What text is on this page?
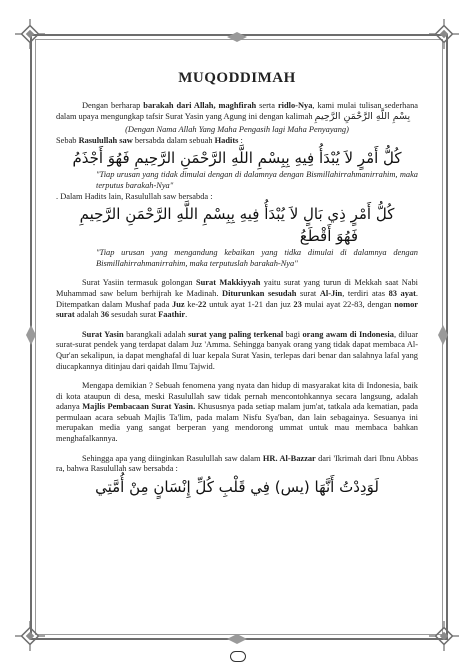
MUQODDIMAH

Dengan berharap barakah dari Allah, maghfirah serta ridlo-Nya, kami mulai tulisan sederhana dalam upaya mengungkap tafsir Surat Yasin yang Agung ini dengan kalimah بِسْمِ اللَّهِ الرَّحْمَنِ الرَّحِيمِ

(Dengan Nama Allah Yang Maha Pengasih lagi Maha Penyayang)

Sebab Rasulullah saw bersabda dalam sebuah Hadits :

كُلُّ أَمْرٍ لاَ يُبْدَأُ فِيهِ بِبِسْمِ اللَّهِ الرَّحْمَنِ الرَّحِيمِ فَهُوَ أَجْذَمُ

"Tiap urusan yang tidak dimulai dengan di dalamnya dengan Bismillahirrahmanirrahim, maka terputus barakah-Nya"

. Dalam Hadits lain, Rasulullah saw bersabda :

كُلُّ أَمْرٍ ذِي بَالٍ لاَ يُبْدَأُ فِيهِ بِبِسْمِ اللَّهِ الرَّحْمَنِ الرَّحِيمِ
فَهُوَ أَقْطَعُ

"Tiap urusan yang mengandung kebaikan yang tidka dimulai di dalamnya dengan Bismillahirrahmanirrahim, maka terputuslah barakah-Nya"

Surat Yasiin termasuk golongan Surat Makkiyyah yaitu surat yang turun di Mekkah saat Nabi Muhammad saw belum berhijrah ke Madinah. Diturunkan sesudah surat Al-Jin, terdiri atas 83 ayat. Ditempatkan dalam Mushaf pada Juz ke-22 untuk ayat 1-21 dan juz 23 mulai ayat 22-83, dengan nomor surat adalah 36 sesudah surat Faathir.

Surat Yasin barangkali adalah surat yang paling terkenal bagi orang awam di Indonesia, diluar surat-surat pendek yang terdapat dalam Juz 'Amma. Sehingga banyak orang yang tidak dapat membaca Al-Qur'an sekalipun, ia dapat menghafal di luar kepala Surat Yasin, terlepas dari benar dan salahnya lafal yang diucapkannya ditinjau dari qaidah Ilmu Tajwid.

Mengapa demikian ? Sebuah fenomena yang nyata dan hidup di masyarakat kita di Indonesia, baik di kota ataupun di desa, meski Rasulullah saw tidak pernah mencontohkannya secara langsung, adalah adanya Majlis Pembacaan Surat Yasin. Khususnya pada setiap malam jum'at, tatkala ada kematian, pada permulaan acara sebuah Majlis Ta'lim, pada malam Nisfu Sya'ban, dan lain sebagainya. Sesuanya ini merupakan media yang sangat berperan yang mendorong ummat untuk mau membaca bahkan menghafalkannya.

Sehingga apa yang diinginkan Rasulullah saw dalam HR. Al-Bazzar dari 'Ikrimah dari Ibnu Abbas ra, bahwa Rasulullah saw bersabda :

لَوَدِدْتُ أَنَّهَا (يس) فِي قَلْبِ كُلِّ إِنْسَانٍ مِنْ أُمَّتِي
